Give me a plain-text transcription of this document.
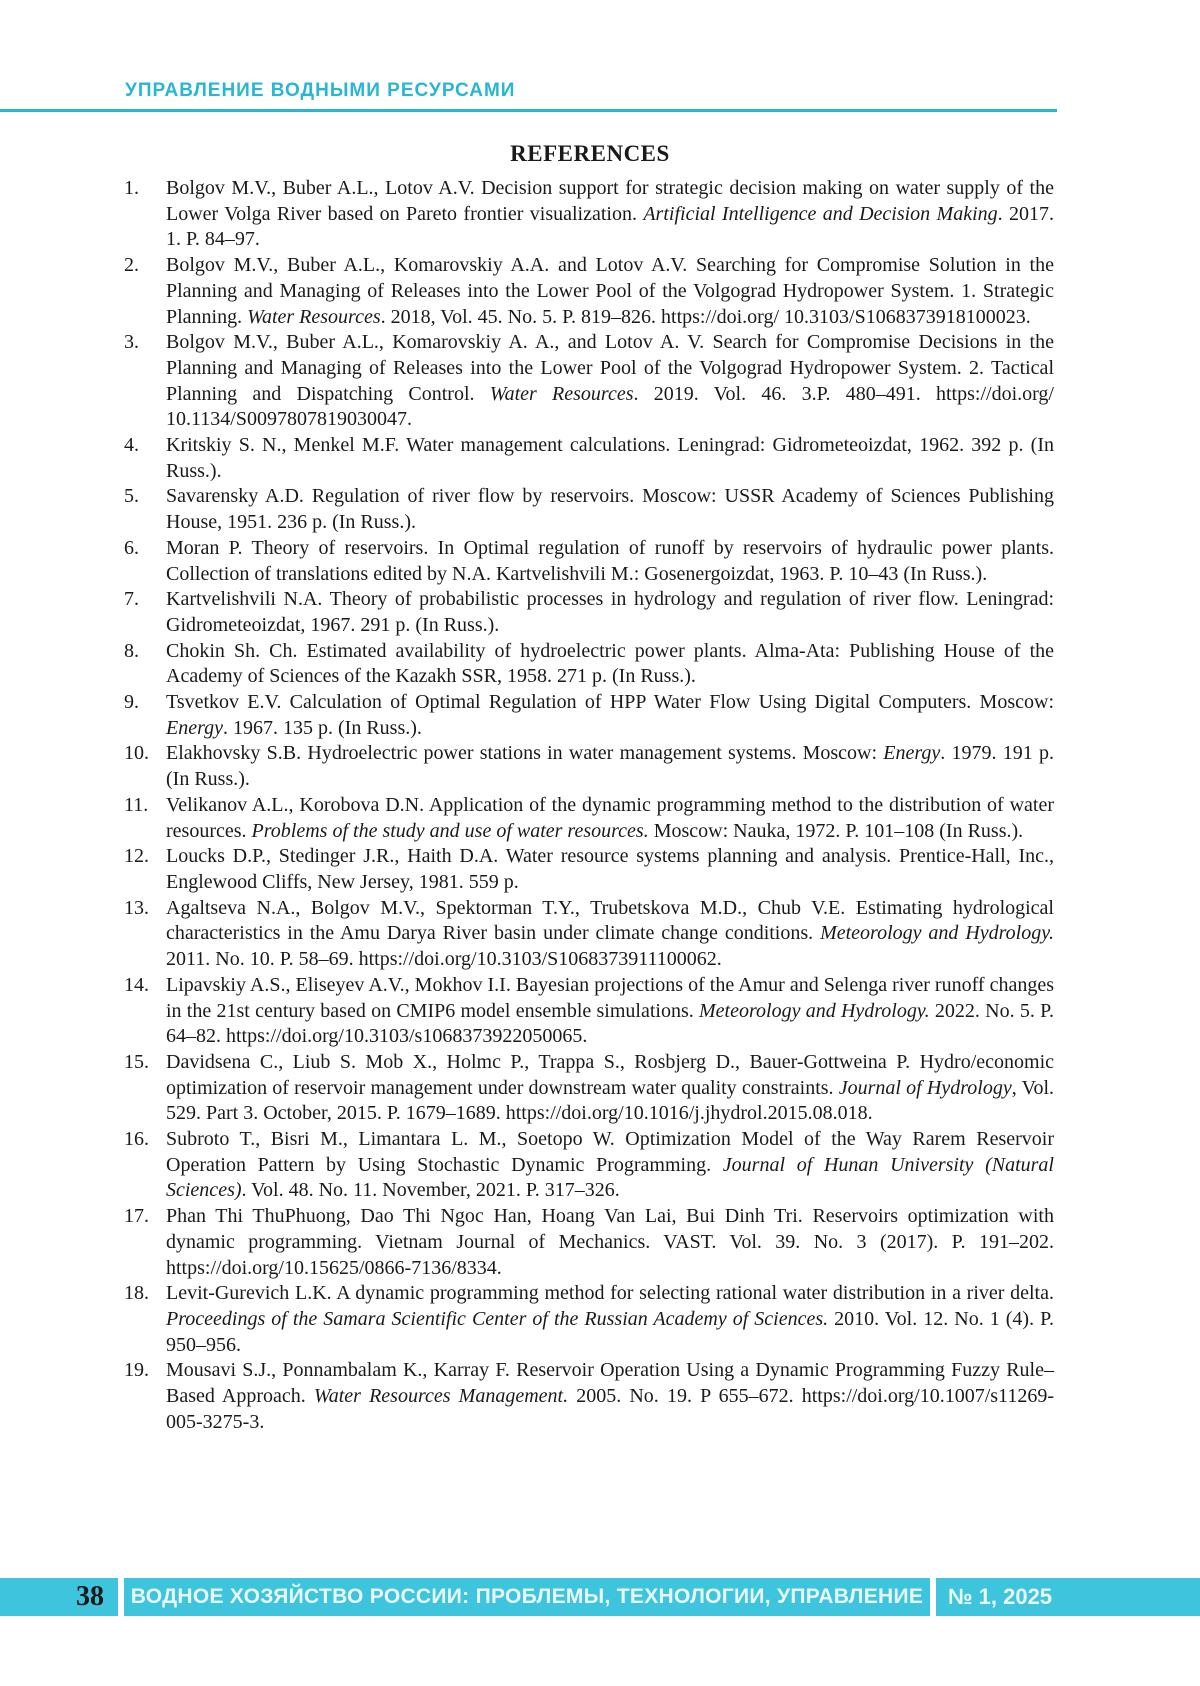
УПРАВЛЕНИЕ ВОДНЫМИ РЕСУРСАМИ
REFERENCES
1.	Bolgov M.V., Buber A.L., Lotov A.V. Decision support for strategic decision making on water supply of the Lower Volga River based on Pareto frontier visualization. Artificial Intelligence and Decision Making. 2017. 1. P. 84–97.
2.	Bolgov M.V., Buber A.L., Komarovskiy A.A. and Lotov A.V. Searching for Compromise Solution in the Planning and Managing of Releases into the Lower Pool of the Volgograd Hydropower System. 1. Strategic Planning. Water Resources. 2018, Vol. 45. No. 5. P. 819–826. https://doi.org/ 10.3103/S1068373918100023.
3.	Bolgov M.V., Buber A.L., Komarovskiy A. A., and Lotov A. V. Search for Compromise Decisions in the Planning and Managing of Releases into the Lower Pool of the Volgograd Hydropower System. 2. Tactical Planning and Dispatching Control. Water Resources. 2019. Vol. 46. 3.P. 480–491. https://doi.org/ 10.1134/S0097807819030047.
4.	Kritskiy S. N., Menkel M.F. Water management calculations. Leningrad: Gidrometeoizdat, 1962. 392 p. (In Russ.).
5.	Savarensky A.D. Regulation of river flow by reservoirs. Moscow: USSR Academy of Sciences Publishing House, 1951. 236 p. (In Russ.).
6.	Moran P. Theory of reservoirs. In Optimal regulation of runoff by reservoirs of hydraulic power plants. Collection of translations edited by N.A. Kartvelishvili M.: Gosenergoizdat, 1963. P. 10–43 (In Russ.).
7.	Kartvelishvili N.A. Theory of probabilistic processes in hydrology and regulation of river flow. Leningrad: Gidrometeoizdat, 1967. 291 p. (In Russ.).
8.	Chokin Sh. Ch. Estimated availability of hydroelectric power plants. Alma-Ata: Publishing House of the Academy of Sciences of the Kazakh SSR, 1958. 271 p. (In Russ.).
9.	Tsvetkov E.V. Calculation of Optimal Regulation of HPP Water Flow Using Digital Computers. Moscow: Energy. 1967. 135 p. (In Russ.).
10. Elakhovsky S.B. Hydroelectric power stations in water management systems. Moscow: Energy. 1979. 191 p. (In Russ.).
11. Velikanov A.L., Korobova D.N. Application of the dynamic programming method to the distribution of water resources. Problems of the study and use of water resources. Moscow: Nauka, 1972. P. 101–108 (In Russ.).
12. Loucks D.P., Stedinger J.R., Haith D.A. Water resource systems planning and analysis. Prentice-Hall, Inc., Englewood Cliffs, New Jersey, 1981. 559 p.
13. Agaltseva N.A., Bolgov M.V., Spektorman T.Y., Trubetskova M.D., Chub V.E. Estimating hydrological characteristics in the Amu Darya River basin under climate change conditions. Meteorology and Hydrology. 2011. No. 10. P. 58–69. https://doi.org/10.3103/S1068373911100062.
14. Lipavskiy A.S., Eliseyev A.V., Mokhov I.I. Bayesian projections of the Amur and Selenga river runoff changes in the 21st century based on CMIP6 model ensemble simulations. Meteorology and Hydrology. 2022. No. 5. P. 64–82. https://doi.org/10.3103/s1068373922050065.
15. Davidsena C., Liub S. Mob X., Holmc P., Trappa S., Rosbjerg D., Bauer-Gottweina P. Hydro/economic optimization of reservoir management under downstream water quality constraints. Journal of Hydrology, Vol. 529. Part 3. October, 2015. P. 1679–1689. https://doi.org/10.1016/j.jhydrol.2015.08.018.
16. Subroto T., Bisri M., Limantara L. M., Soetopo W. Optimization Model of the Way Rarem Reservoir Operation Pattern by Using Stochastic Dynamic Programming. Journal of Hunan University (Natural Sciences). Vol. 48. No. 11. November, 2021. P. 317–326.
17. Phan Thi ThuPhuong, Dao Thi Ngoc Han, Hoang Van Lai, Bui Dinh Tri. Reservoirs optimization with dynamic programming. Vietnam Journal of Mechanics. VAST. Vol. 39. No. 3 (2017). P. 191–202. https://doi.org/10.15625/0866-7136/8334.
18. Levit-Gurevich L.K. A dynamic programming method for selecting rational water distribution in a river delta. Proceedings of the Samara Scientific Center of the Russian Academy of Sciences. 2010. Vol. 12. No. 1 (4). P. 950–956.
19. Mousavi S.J., Ponnambalam K., Karray F. Reservoir Operation Using a Dynamic Programming Fuzzy Rule–Based Approach. Water Resources Management. 2005. No. 19. P 655–672. https://doi.org/10.1007/s11269-005-3275-3.
38	ВОДНОЕ ХОЗЯЙСТВО РОССИИ: ПРОБЛЕМЫ, ТЕХНОЛОГИИ, УПРАВЛЕНИЕ	№ 1, 2025
